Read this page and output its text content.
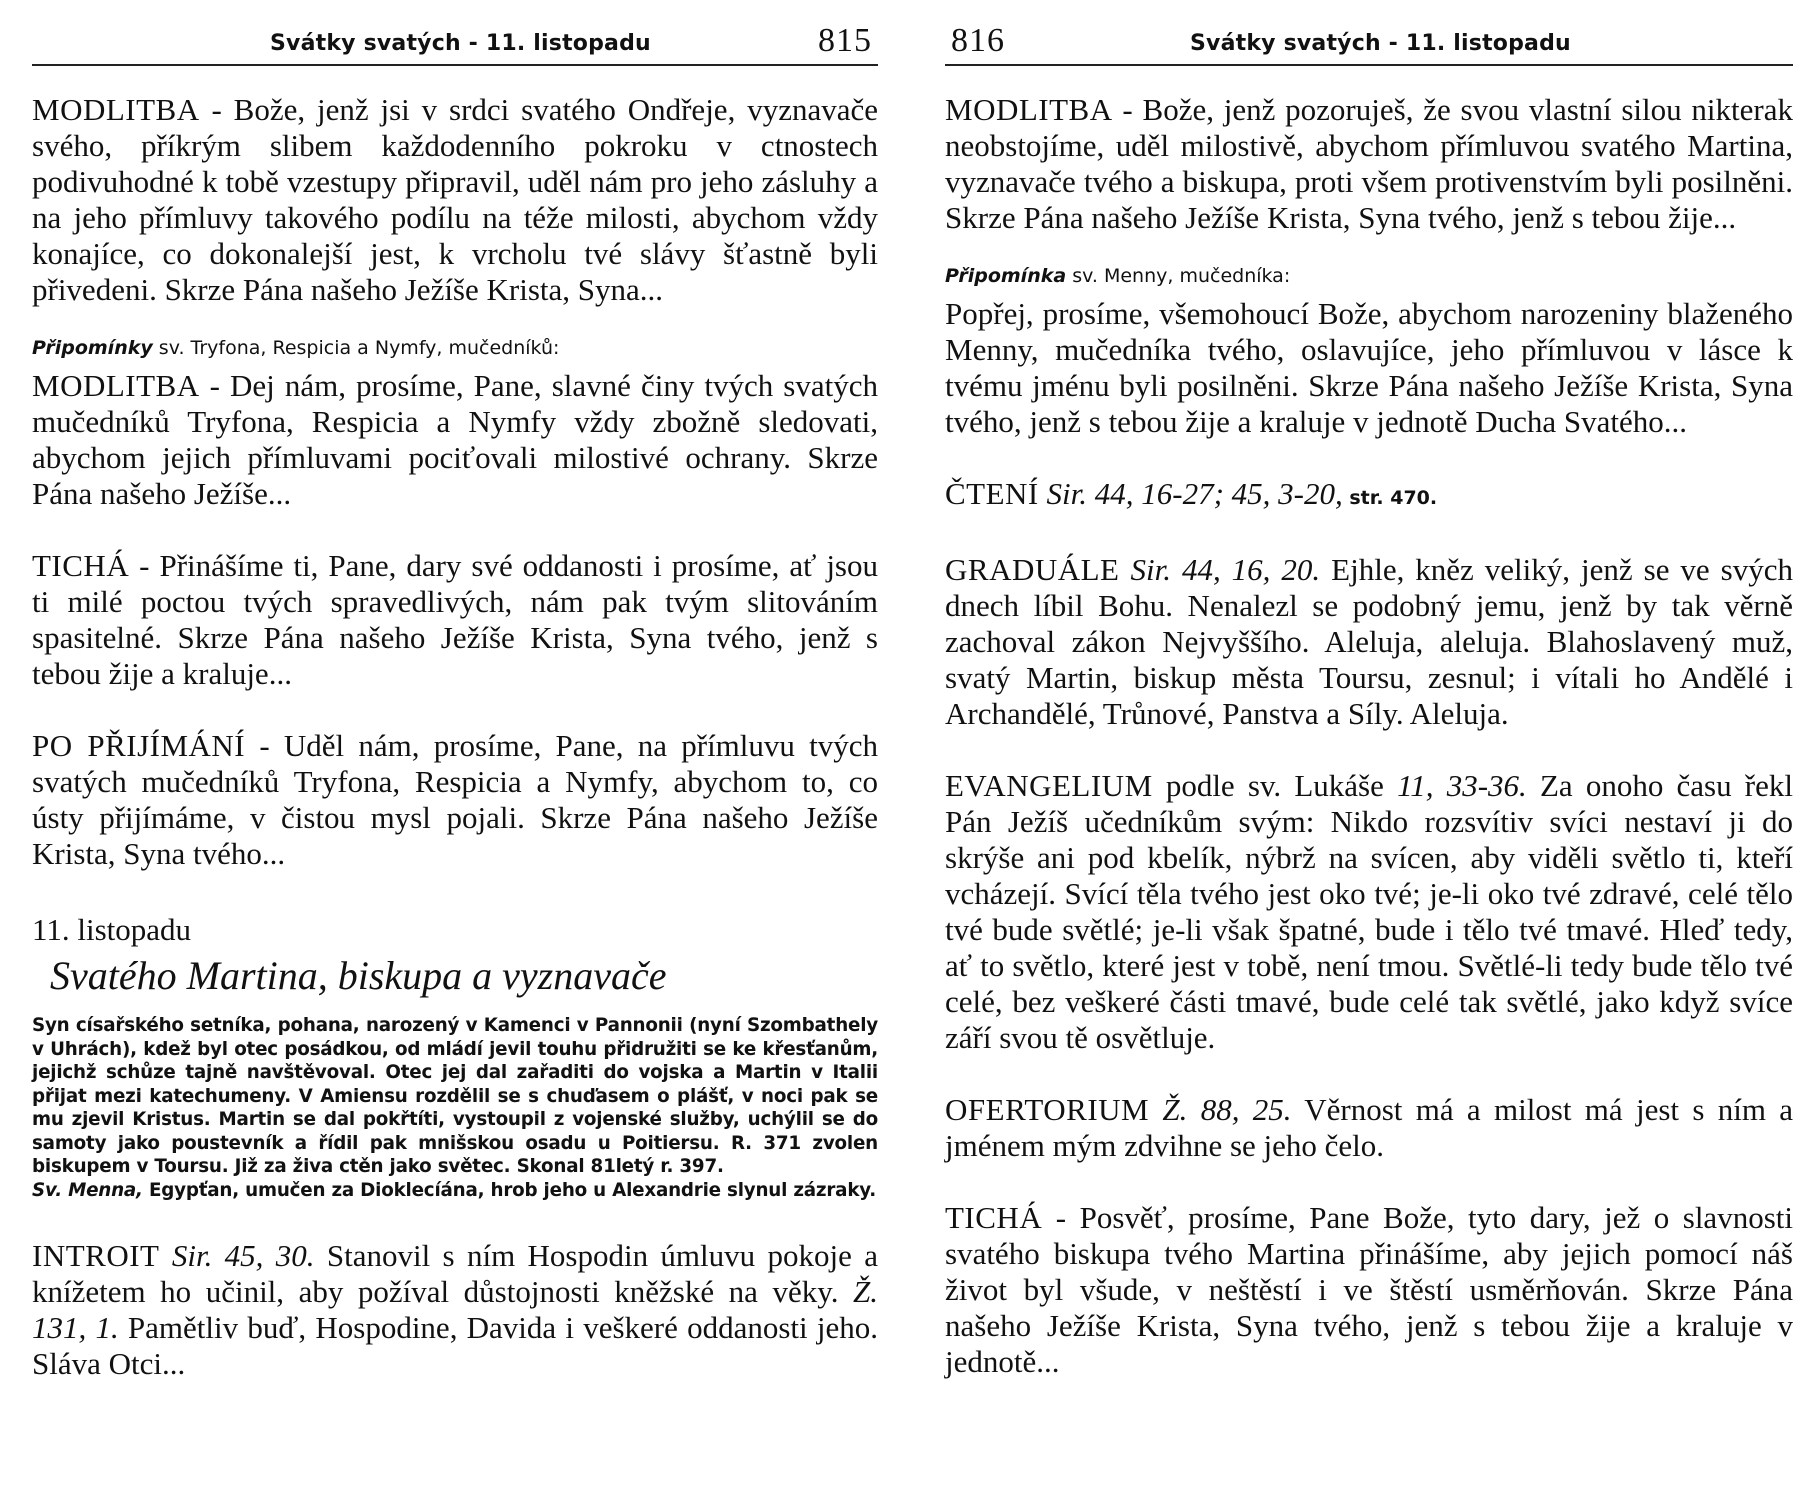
Svátky svatých - 11. listopadu	815

MODLITBA - Bože, jenž jsi v srdci svatého Ondřeje, vyznavače svého, příkrým slibem každodenního pokroku v ctnostech podivuhodné k tobě vzestupy připravil, uděl nám pro jeho zásluhy a na jeho přímluvy takového podílu na téže milosti, abychom vždy konajíce, co dokonalejší jest, k vrcholu tvé slávy šťastně byli přivedeni. Skrze Pána našeho Ježíše Krista, Syna...

Připomínky sv. Tryfona, Respicia a Nymfy, mučedníků:

MODLITBA - Dej nám, prosíme, Pane, slavné činy tvých svatých mučedníků Tryfona, Respicia a Nymfy vždy zbožně sledovati, abychom jejich přímluvami pociťovali milostivé ochrany. Skrze Pána našeho Ježíše...

TICHÁ - Přinášíme ti, Pane, dary své oddanosti i prosíme, ať jsou ti milé poctou tvých spravedlivých, nám pak tvým slitováním spasitelné. Skrze Pána našeho Ježíše Krista, Syna tvého, jenž s tebou žije a kraluje...

PO PŘIJÍMÁNÍ - Uděl nám, prosíme, Pane, na přímluvu tvých svatých mučedníků Tryfona, Respicia a Nymfy, abychom to, co ústy přijímáme, v čistou mysl pojali. Skrze Pána našeho Ježíše Krista, Syna tvého...

11. listopadu
Svatého Martina, biskupa a vyznavače

Syn císařského setníka, pohana, narozený v Kamenci v Pannonii (nyní Szombathely v Uhrách), kdež byl otec posádkou, od mládí jevil touhu přidružiti se ke křesťanům, jejichž schůze tajně navštěvoval. Otec jej dal zařaditi do vojska a Martin v Italii přijat mezi katechumeny. V Amiensu rozdělil se s chuďasem o plášť, v noci pak se mu zjevil Kristus. Martin se dal pokřtíti, vystoupil z vojenské služby, uchýlil se do samoty jako poustevník a řídil pak mnišskou osadu u Poitiersu. R. 371 zvolen biskupem v Toursu. Již za živa ctěn jako světec. Skonal 81letý r. 397.

Sv. Menna, Egypťan, umučen za Dioklecíána, hrob jeho u Alexandrie slynul zázraky.

INTROIT Sir. 45, 30. Stanovil s ním Hospodin úmluvu pokoje a knížetem ho učinil, aby požíval důstojnosti kněžské na věky. Ž. 131, 1. Pamětliv buď, Hospodine, Davida i veškeré oddanosti jeho. Sláva Otci...

816	Svátky svatých - 11. listopadu

MODLITBA - Bože, jenž pozoruješ, že svou vlastní silou nikterak neobstojíme, uděl milostivě, abychom přímluvou svatého Martina, vyznavače tvého a biskupa, proti všem protivenstvím byli posilněni. Skrze Pána našeho Ježíše Krista, Syna tvého, jenž s tebou žije...

Připomínka sv. Menny, mučedníka:

Popřej, prosíme, všemohoucí Bože, abychom narozeniny blaženého Menny, mučedníka tvého, oslavujíce, jeho přímluvou v lásce k tvému jménu byli posilněni. Skrze Pána našeho Ježíše Krista, Syna tvého, jenž s tebou žije a kraluje v jednotě Ducha Svatého...

ČTENÍ Sir. 44, 16-27; 45, 3-20, str. 470.

GRADUÁLE Sir. 44, 16, 20. Ejhle, kněz veliký, jenž se ve svých dnech líbil Bohu. Nenalezl se podobný jemu, jenž by tak věrně zachoval zákon Nejvyššího. Aleluja, aleluja. Blahoslavený muž, svatý Martin, biskup města Toursu, zesnul; i vítali ho Andělé i Archandělé, Trůnové, Panstva a Síly. Aleluja.

EVANGELIUM podle sv. Lukáše 11, 33-36. Za onoho času řekl Pán Ježíš učedníkům svým: Nikdo rozsvítiv svíci nestaví ji do skrýše ani pod kbelík, nýbrž na svícen, aby viděli světlo ti, kteří vcházejí. Svící těla tvého jest oko tvé; je-li oko tvé zdravé, celé tělo tvé bude světlé; je-li však špatné, bude i tělo tvé tmavé. Hleď tedy, ať to světlo, které jest v tobě, není tmou. Světlé-li tedy bude tělo tvé celé, bez veškeré části tmavé, bude celé tak světlé, jako když svíce září svou tě osvětluje.

OFERTORIUM Ž. 88, 25. Věrnost má a milost má jest s ním a jménem mým zdvihne se jeho čelo.

TICHÁ - Posvěť, prosíme, Pane Bože, tyto dary, jež o slavnosti svatého biskupa tvého Martina přinášíme, aby jejich pomocí náš život byl všude, v neštěstí i ve štěstí usměrňován. Skrze Pána našeho Ježíše Krista, Syna tvého, jenž s tebou žije a kraluje v jednotě...
